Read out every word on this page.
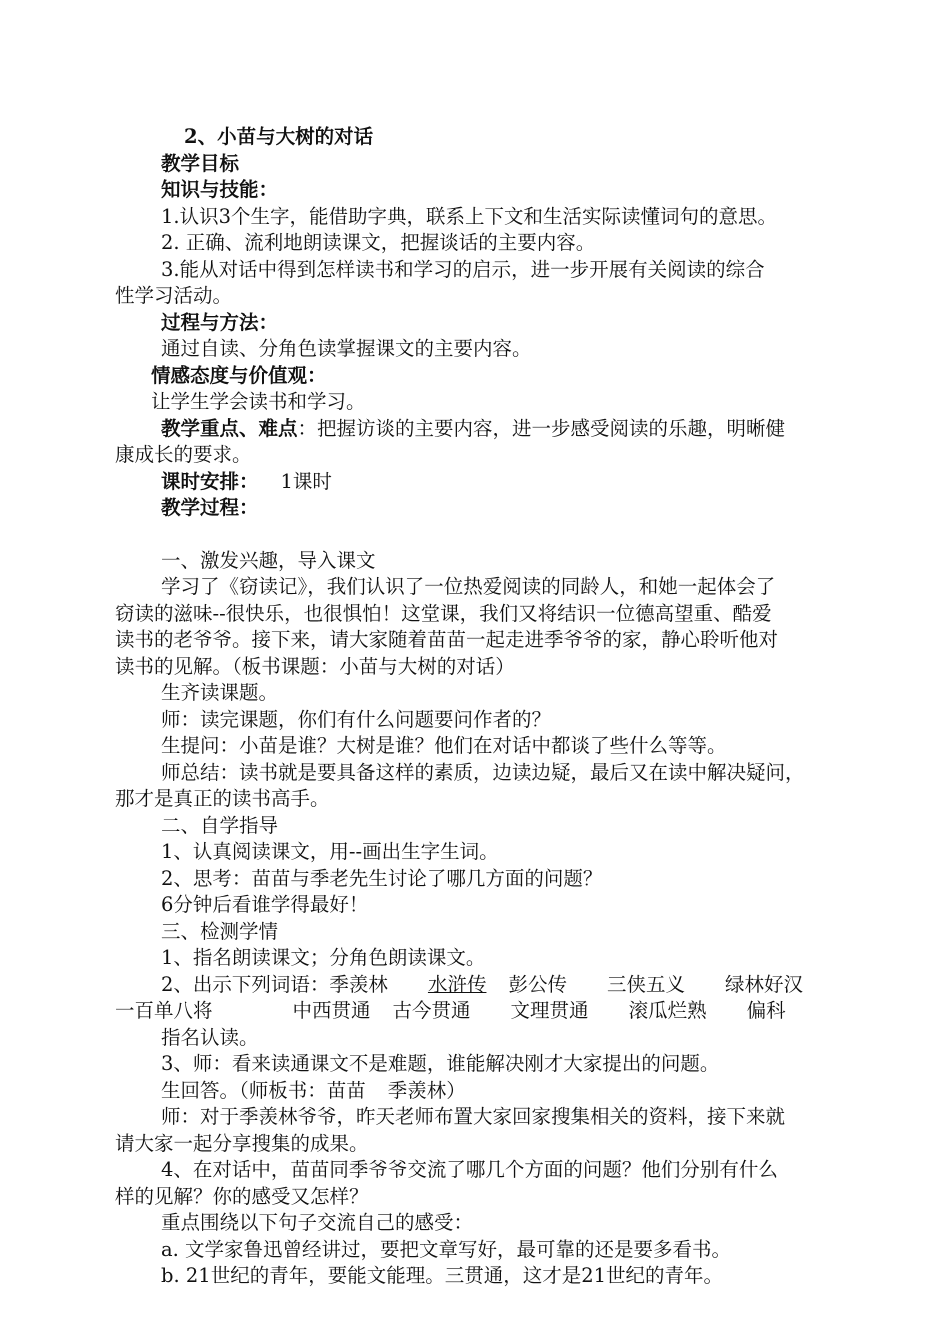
2、小苗与大树的对话
教学目标
知识与技能：
1.认识3个生字，能借助字典，联系上下文和生活实际读懂词句的意思。
2. 正确、流利地朗读课文，把握谈话的主要内容。
3.能从对话中得到怎样读书和学习的启示，进一步开展有关阅读的综合
性学习活动。
过程与方法：
通过自读、分角色读掌握课文的主要内容。
情感态度与价值观：
让学生学会读书和学习。
教学重点、难点：把握访谈的主要内容，进一步感受阅读的乐趣，明晰健
康成长的要求。
课时安排： 1课时
教学过程：
一、激发兴趣，导入课文
学习了《窃读记》，我们认识了一位热爱阅读的同龄人，和她一起体会了
窃读的滋味--很快乐，也很惧怕！这堂课，我们又将结识一位德高望重、酷爱
读书的老爷爷。接下来，请大家随着苗苗一起走进季爷爷的家，静心聆听他对
读书的见解。（板书课题：小苗与大树的对话）
生齐读课题。
师：读完课题，你们有什么问题要问作者的？
生提问：小苗是谁？大树是谁？他们在对话中都谈了些什么等等。
师总结：读书就是要具备这样的素质，边读边疑，最后又在读中解决疑问，
那才是真正的读书高手。
二、自学指导
1、认真阅读课文，用--画出生字生词。
2、思考：苗苗与季老先生讨论了哪几方面的问题？
6分钟后看谁学得最好！
三、检测学情
1、指名朗读课文；分角色朗读课文。
2、出示下列词语：季羡林 水浒传 彭公传 三侠五义 绿林好汉
一百单八将	中西贯通 古今贯通 文理贯通 滚瓜烂熟 偏科
指名认读。
3、师：看来读通课文不是难题，谁能解决刚才大家提出的问题。
生回答。（师板书：苗苗 季羡林）
师：对于季羡林爷爷，昨天老师布置大家回家搜集相关的资料，接下来就
请大家一起分享搜集的成果。
4、在对话中，苗苗同季爷爷交流了哪几个方面的问题？他们分别有什么
样的见解？你的感受又怎样？
重点围绕以下句子交流自己的感受：
a. 文学家鲁迅曾经讲过，要把文章写好，最可靠的还是要多看书。
b. 21世纪的青年，要能文能理。三贯通，这才是21世纪的青年。
